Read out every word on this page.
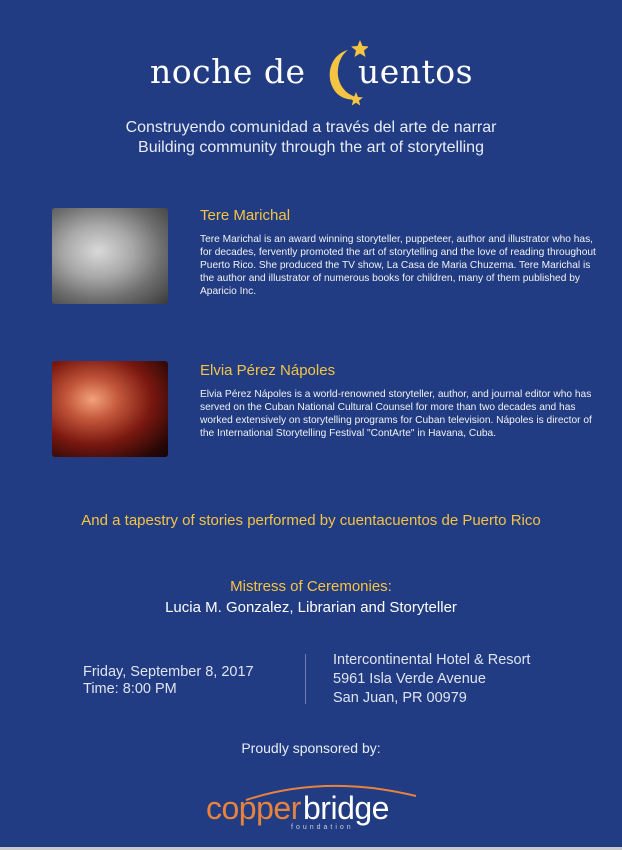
noche de uentos
Construyendo comunidad a través del arte de narrar
Building community through the art of storytelling
Tere Marichal
Tere Marichal is an award winning storyteller, puppeteer, author and illustrator who has, for decades, fervently promoted the art of storytelling and the love of reading throughout Puerto Rico. She produced the TV show, La Casa de Maria Chuzema. Tere Marichal is the author and illustrator of numerous books for children, many of them published by Aparicio Inc.
Elvia Pérez Nápoles
Elvia Pérez Nápoles is a world-renowned storyteller, author, and journal editor who has served on the Cuban National Cultural Counsel for more than two decades and has worked extensively on storytelling programs for Cuban television. Nápoles is director of the International Storytelling Festival "ContArte" in Havana, Cuba.
And a tapestry of stories performed by cuentacuentos de Puerto Rico
Mistress of Ceremonies:
Lucia M. Gonzalez, Librarian and Storyteller
Friday, September 8, 2017
Time: 8:00 PM
Intercontinental Hotel & Resort
5961 Isla Verde Avenue
San Juan, PR 00979
Proudly sponsored by:
copper bridge
foundation
